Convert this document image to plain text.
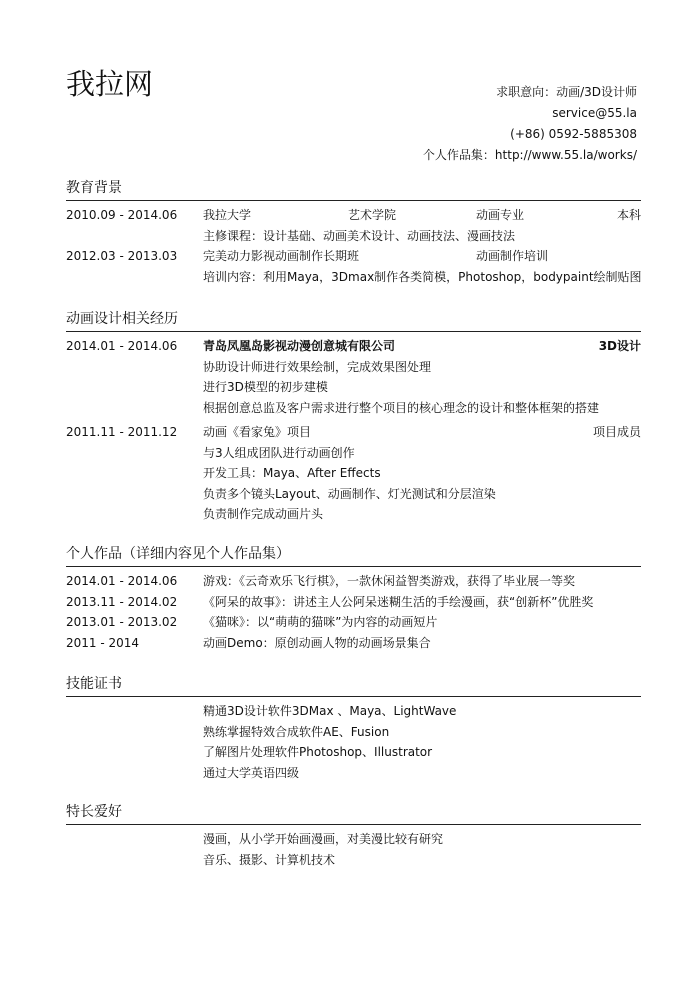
我拉网	求职意向：动画/3D设计师
service@55.la
(+86) 0592-5885308
个人作品集：http://www.55.la/works/
教育背景
2010.09 - 2014.06 我拉大学	艺术学院	动画专业	本科
主修课程：设计基础、动画美术设计、动画技法、漫画技法
2012.03 - 2013.03 完美动力影视动画制作长期班	动画制作培训
培训内容：利用Maya，3Dmax制作各类简模，Photoshop，bodypaint绘制贴图
动画设计相关经历
2014.01 - 2014.06 青岛凤凰岛影视动漫创意城有限公司	3D设计
协助设计师进行效果绘制，完成效果图处理
进行3D模型的初步建模
根据创意总监及客户需求进行整个项目的核心理念的设计和整体框架的搭建
2011.11 - 2011.12 动画《看家兔》项目	项目成员
与3人组成团队进行动画创作
开发工具：Maya、After Effects
负责多个镜头Layout、动画制作、灯光测试和分层渲染
负责制作完成动画片头
个人作品（详细内容见个人作品集）
2014.01 - 2014.06 游戏：《云奇欢乐飞行棋》，一款休闲益智类游戏，获得了毕业展一等奖
2013.11 - 2014.02 《阿呆的故事》：讲述主人公阿呆迷糊生活的手绘漫画，获“创新杯”优胜奖
2013.01 - 2013.02 《猫咪》：以“萌萌的猫咪”为内容的动画短片
2011 - 2014	动画Demo：原创动画人物的动画场景集合
技能证书
精通3D设计软件3DMax 、Maya、LightWave
熟练掌握特效合成软件AE、Fusion
了解图片处理软件Photoshop、Illustrator
通过大学英语四级
特长爱好
漫画，从小学开始画漫画，对美漫比较有研究
音乐、摄影、计算机技术
